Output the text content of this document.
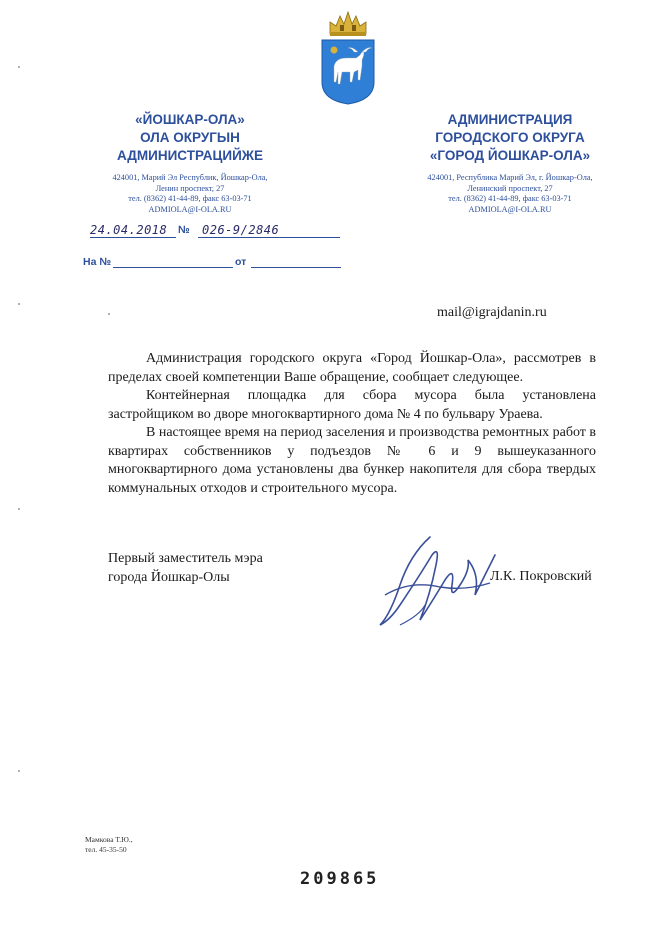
«ЙОШКАР-ОЛА»
ОЛА ОКРУГЫН
АДМИНИСТРАЦИЙЖЕ
424001, Марий Эл Республик, Йошкар-Ола,
Ленин проспект, 27
тел. (8362) 41-44-89, факс 63-03-71
ADMIOLA@I-OLA.RU
АДМИНИСТРАЦИЯ
ГОРОДСКОГО ОКРУГА
«ГОРОД ЙОШКАР-ОЛА»
424001, Республика Марий Эл, г. Йошкар-Ола,
Ленинский проспект, 27
тел. (8362) 41-44-89, факс 63-03-71
ADMIOLA@I-OLA.RU
24.04.2018 № 026-9/2846
На №	от
mail@igrajdanin.ru

Администрация городского округа «Город Йошкар-Ола», рассмотрев в пределах своей компетенции Ваше обращение, сообщает следующее.

Контейнерная площадка для сбора мусора была установлена застройщиком во дворе многоквартирного дома № 4 по бульвару Ураева.

В настоящее время на период заселения и производства ремонтных работ в квартирах собственников у подъездов № 6 и 9 вышеуказанного многоквартирного дома установлены два бункер накопителя для сбора твердых коммунальных отходов и строительного мусора.

Первый заместитель мэра
города Йошкар-Олы	Л.К. Покровский
Мамкова Т.Ю.,
тел. 45-35-50
209865
